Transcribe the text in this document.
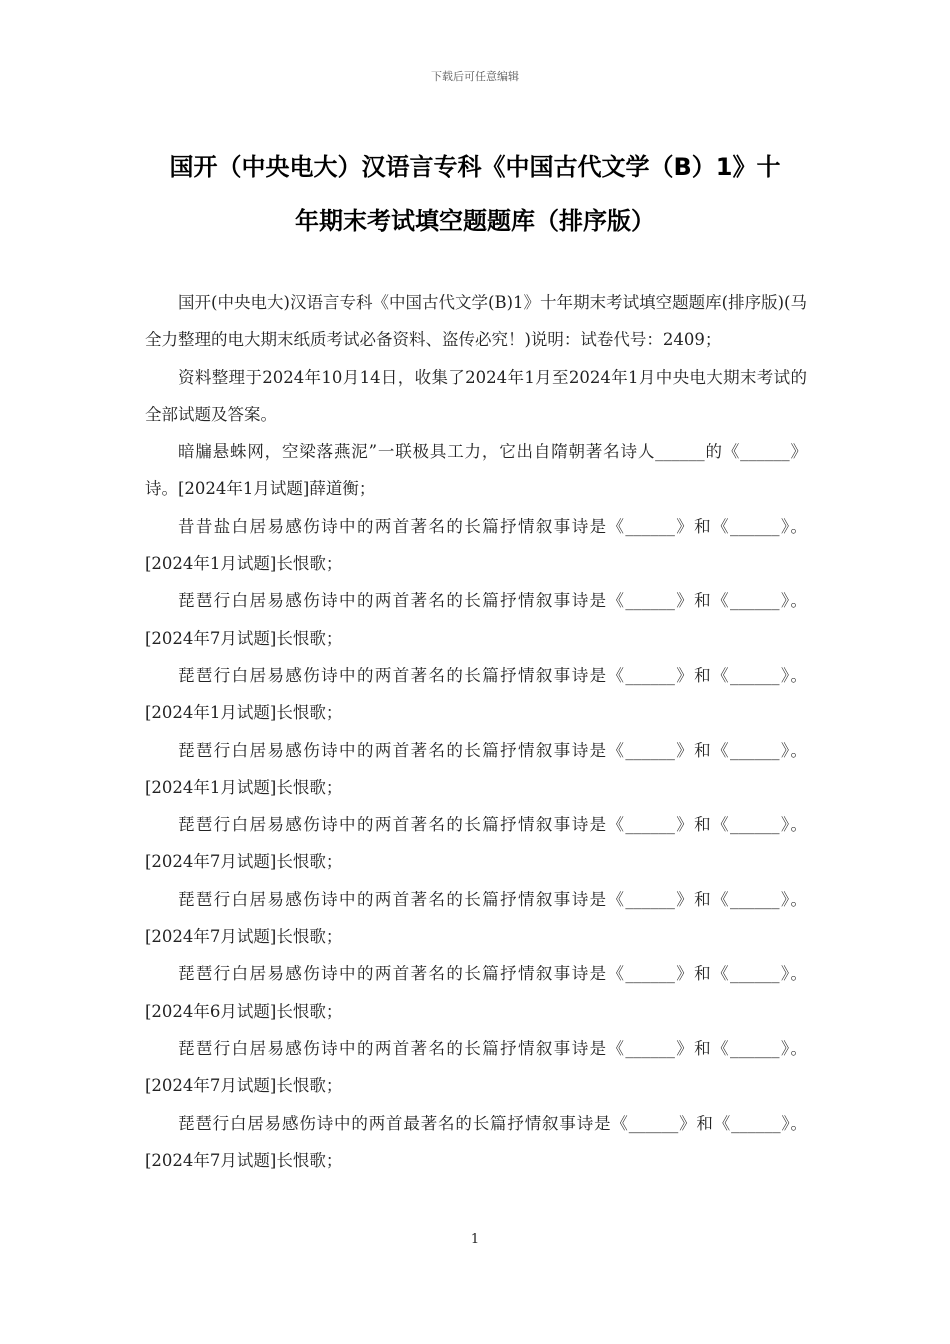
下载后可任意编辑
国开（中央电大）汉语言专科《中国古代文学（B）1》十
年期末考试填空题题库（排序版）

国开(中央电大)汉语言专科《中国古代文学(B)1》十年期末考试填空题题库(排序版)(马全力整理的电大期末纸质考试必备资料、盗传必究！)说明：试卷代号：2409；

资料整理于2024年10月14日，收集了2024年1月至2024年1月中央电大期末考试的全部试题及答案。

暗牖悬蛛网，空梁落燕泥”一联极具工力，它出自隋朝著名诗人______的《______》诗。[2024年1月试题]薛道衡；

昔昔盐白居易感伤诗中的两首著名的长篇抒情叙事诗是《______》和《______》。[2024年1月试题]长恨歌；

琵琶行白居易感伤诗中的两首著名的长篇抒情叙事诗是《______》和《______》。[2024年7月试题]长恨歌；

琵琶行白居易感伤诗中的两首著名的长篇抒情叙事诗是《______》和《______》。[2024年1月试题]长恨歌；

琵琶行白居易感伤诗中的两首著名的长篇抒情叙事诗是《______》和《______》。[2024年1月试题]长恨歌；

琵琶行白居易感伤诗中的两首著名的长篇抒情叙事诗是《______》和《______》。[2024年7月试题]长恨歌；

琵琶行白居易感伤诗中的两首著名的长篇抒情叙事诗是《______》和《______》。[2024年7月试题]长恨歌；

琵琶行白居易感伤诗中的两首著名的长篇抒情叙事诗是《______》和《______》。[2024年6月试题]长恨歌；

琵琶行白居易感伤诗中的两首著名的长篇抒情叙事诗是《______》和《______》。[2024年7月试题]长恨歌；

琵琶行白居易感伤诗中的两首最著名的长篇抒情叙事诗是《______》和《______》。[2024年7月试题]长恨歌；

1
